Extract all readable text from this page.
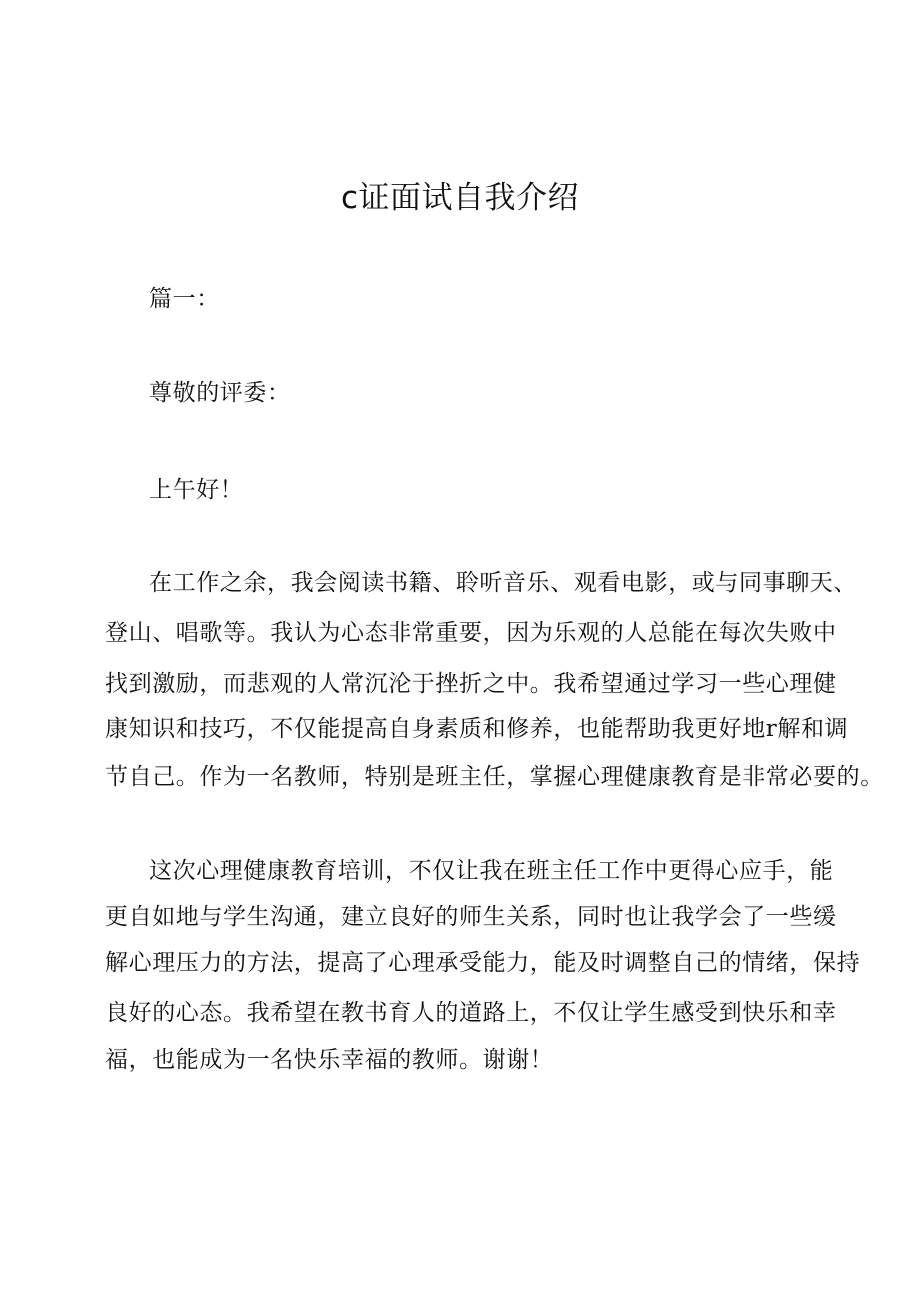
c证面试自我介绍
篇一：
尊敬的评委：
上午好！
在工作之余，我会阅读书籍、聆听音乐、观看电影，或与同事聊天、
登山、唱歌等。我认为心态非常重要，因为乐观的人总能在每次失败中
找到激励，而悲观的人常沉沦于挫折之中。我希望通过学习一些心理健
康知识和技巧，不仅能提高自身素质和修养，也能帮助我更好地r解和调
节自己。作为一名教师，特别是班主任，掌握心理健康教育是非常必要的。
这次心理健康教育培训，不仅让我在班主任工作中更得心应手，能
更自如地与学生沟通，建立良好的师生关系，同时也让我学会了一些缓
解心理压力的方法，提高了心理承受能力，能及时调整自己的情绪，保持
良好的心态。我希望在教书育人的道路上，不仅让学生感受到快乐和幸
福，也能成为一名快乐幸福的教师。谢谢！
